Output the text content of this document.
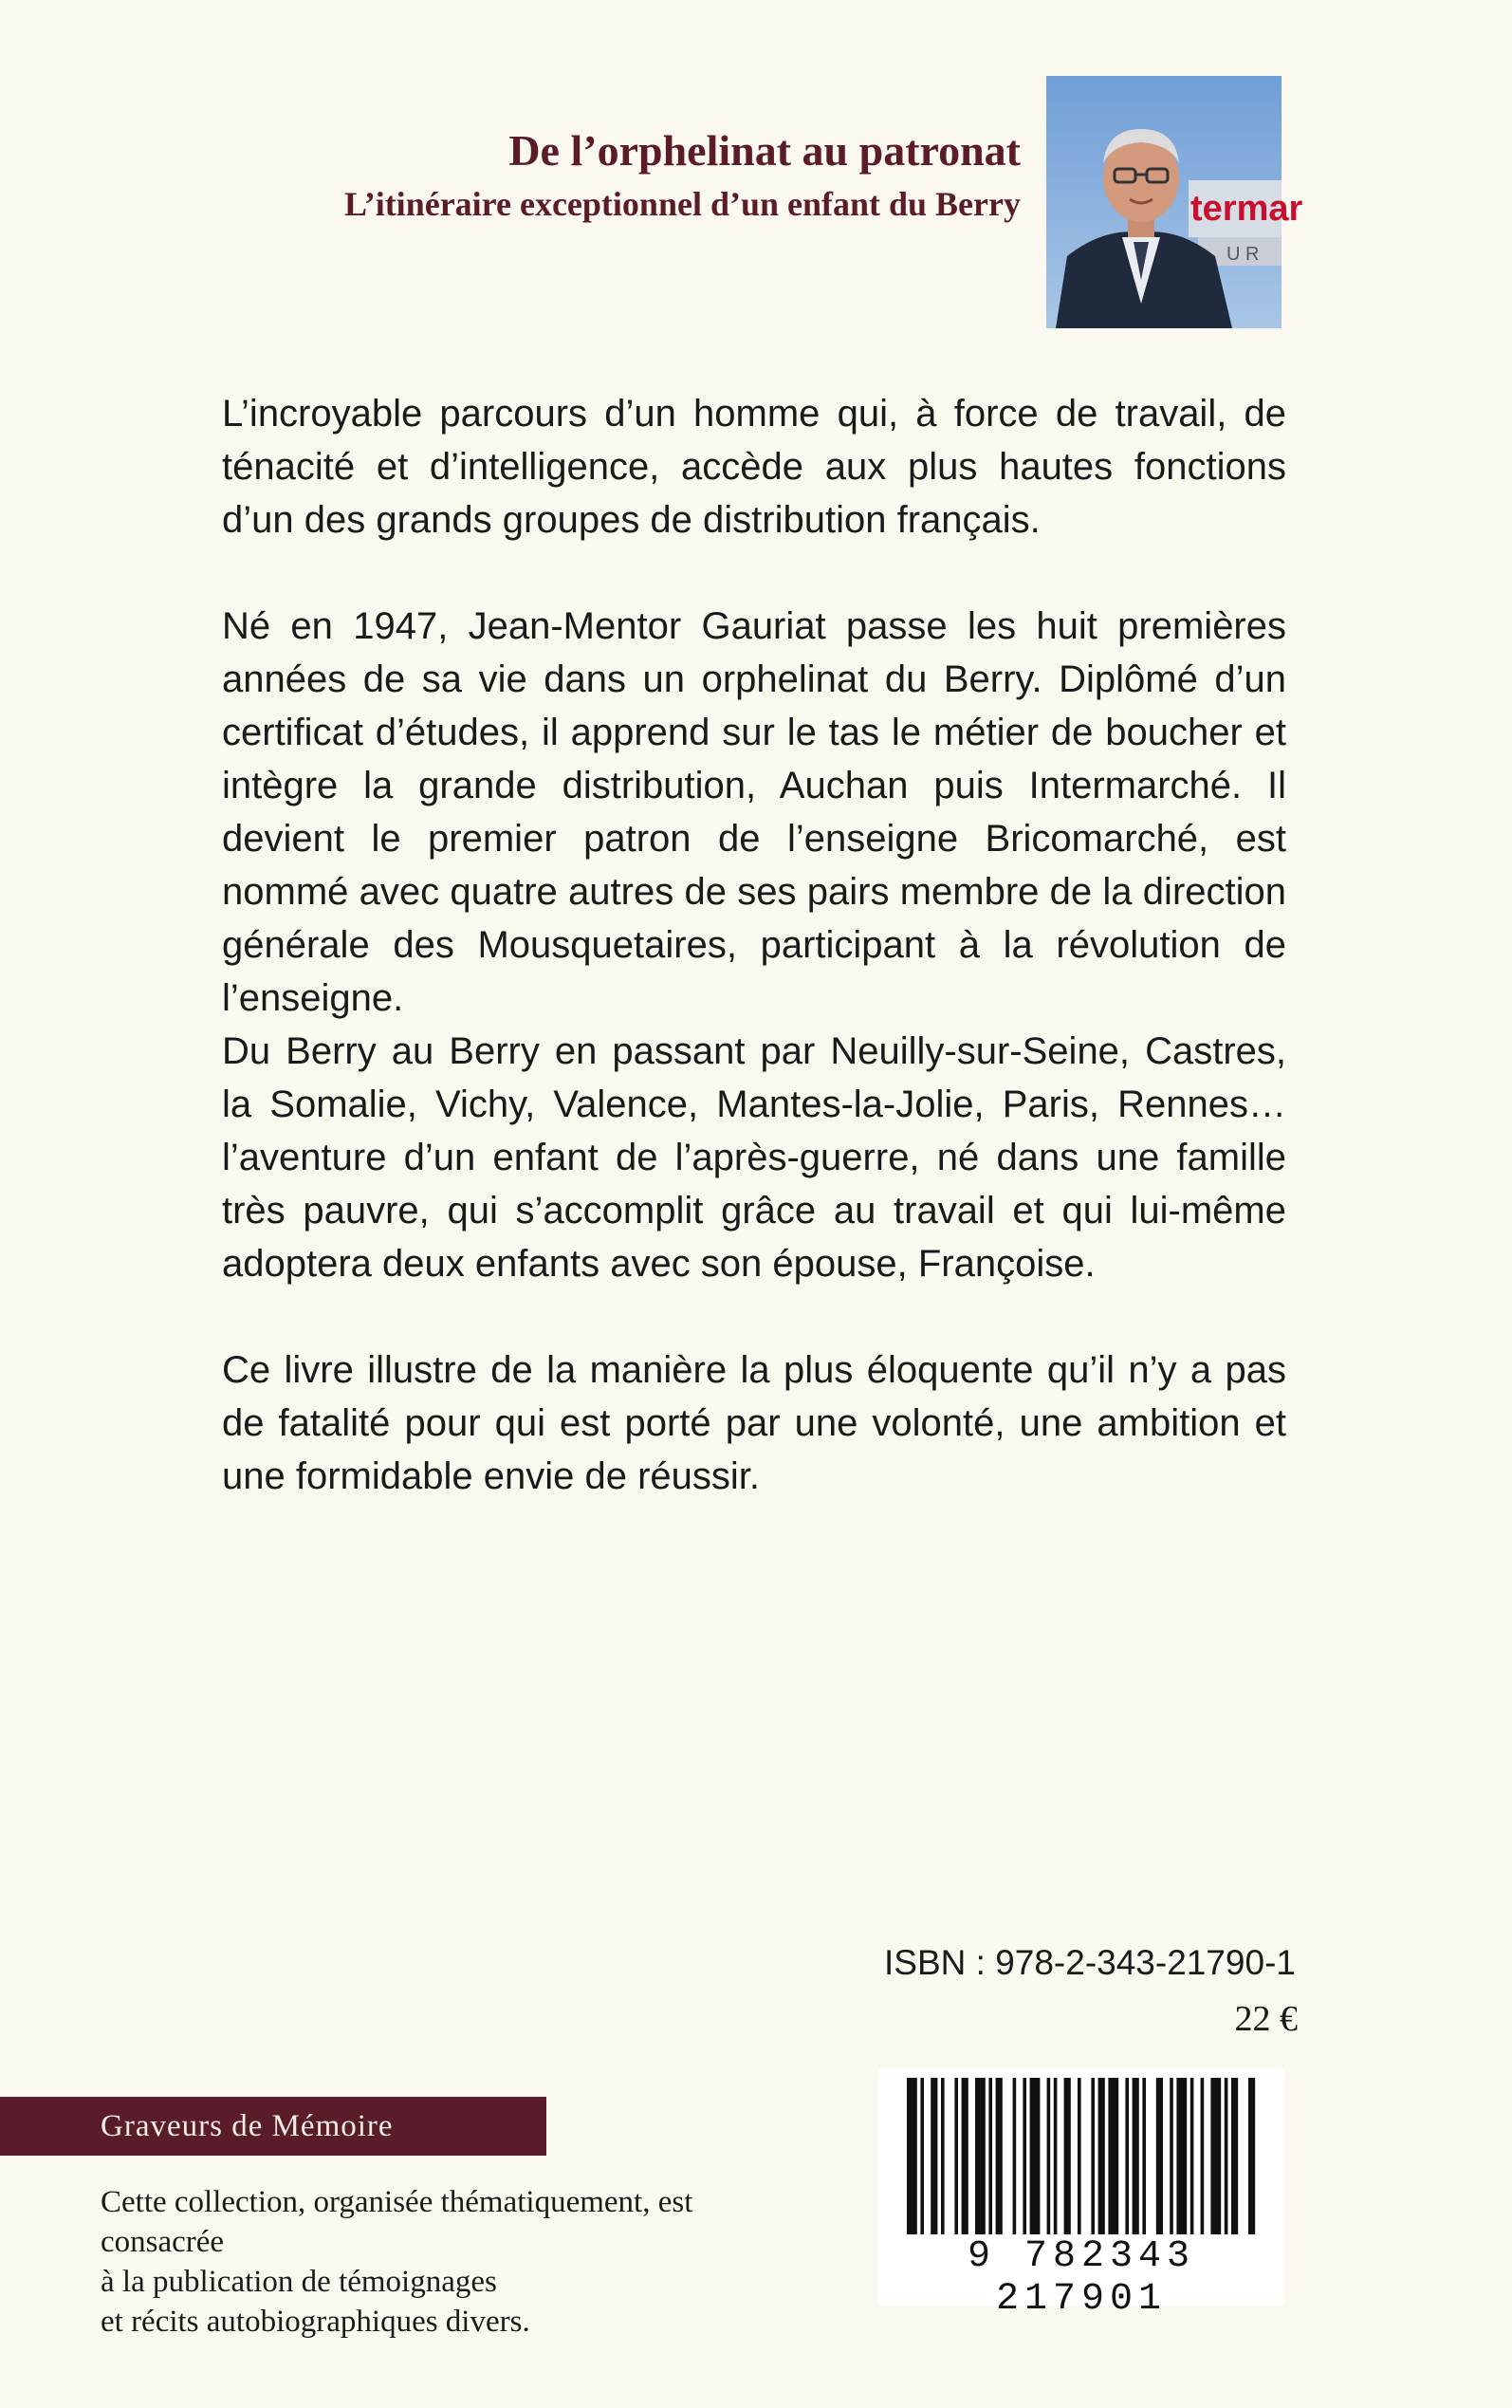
De l’orphelinat au patronat
L’itinéraire exceptionnel d’un enfant du Berry	termar
U R

L’incroyable parcours d’un homme qui, à force de travail, de ténacité et d’intelligence, accède aux plus hautes fonctions d’un des grands groupes de distribution français.

Né en 1947, Jean-Mentor Gauriat passe les huit premières années de sa vie dans un orphelinat du Berry. Diplômé d’un certificat d’études, il apprend sur le tas le métier de boucher et intègre la grande distribution, Auchan puis Intermarché. Il devient le premier patron de l’enseigne Bricomarché, est nommé avec quatre autres de ses pairs membre de la direction générale des Mousquetaires, participant à la révolution de l’enseigne.

Du Berry au Berry en passant par Neuilly-sur-Seine, Castres, la Somalie, Vichy, Valence, Mantes-la-Jolie, Paris, Rennes… l’aventure d’un enfant de l’après-guerre, né dans une famille très pauvre, qui s’accomplit grâce au travail et qui lui-même adoptera deux enfants avec son épouse, Françoise.

Ce livre illustre de la manière la plus éloquente qu’il n’y a pas de fatalité pour qui est porté par une volonté, une ambition et une formidable envie de réussir.

ISBN : 978-2-343-21790-1
22 €
Graveurs de Mémoire

Cette collection, organisée thématiquement, est consacrée

à la publication de témoignages

et récits autobiographiques divers.

9 782343 217901
